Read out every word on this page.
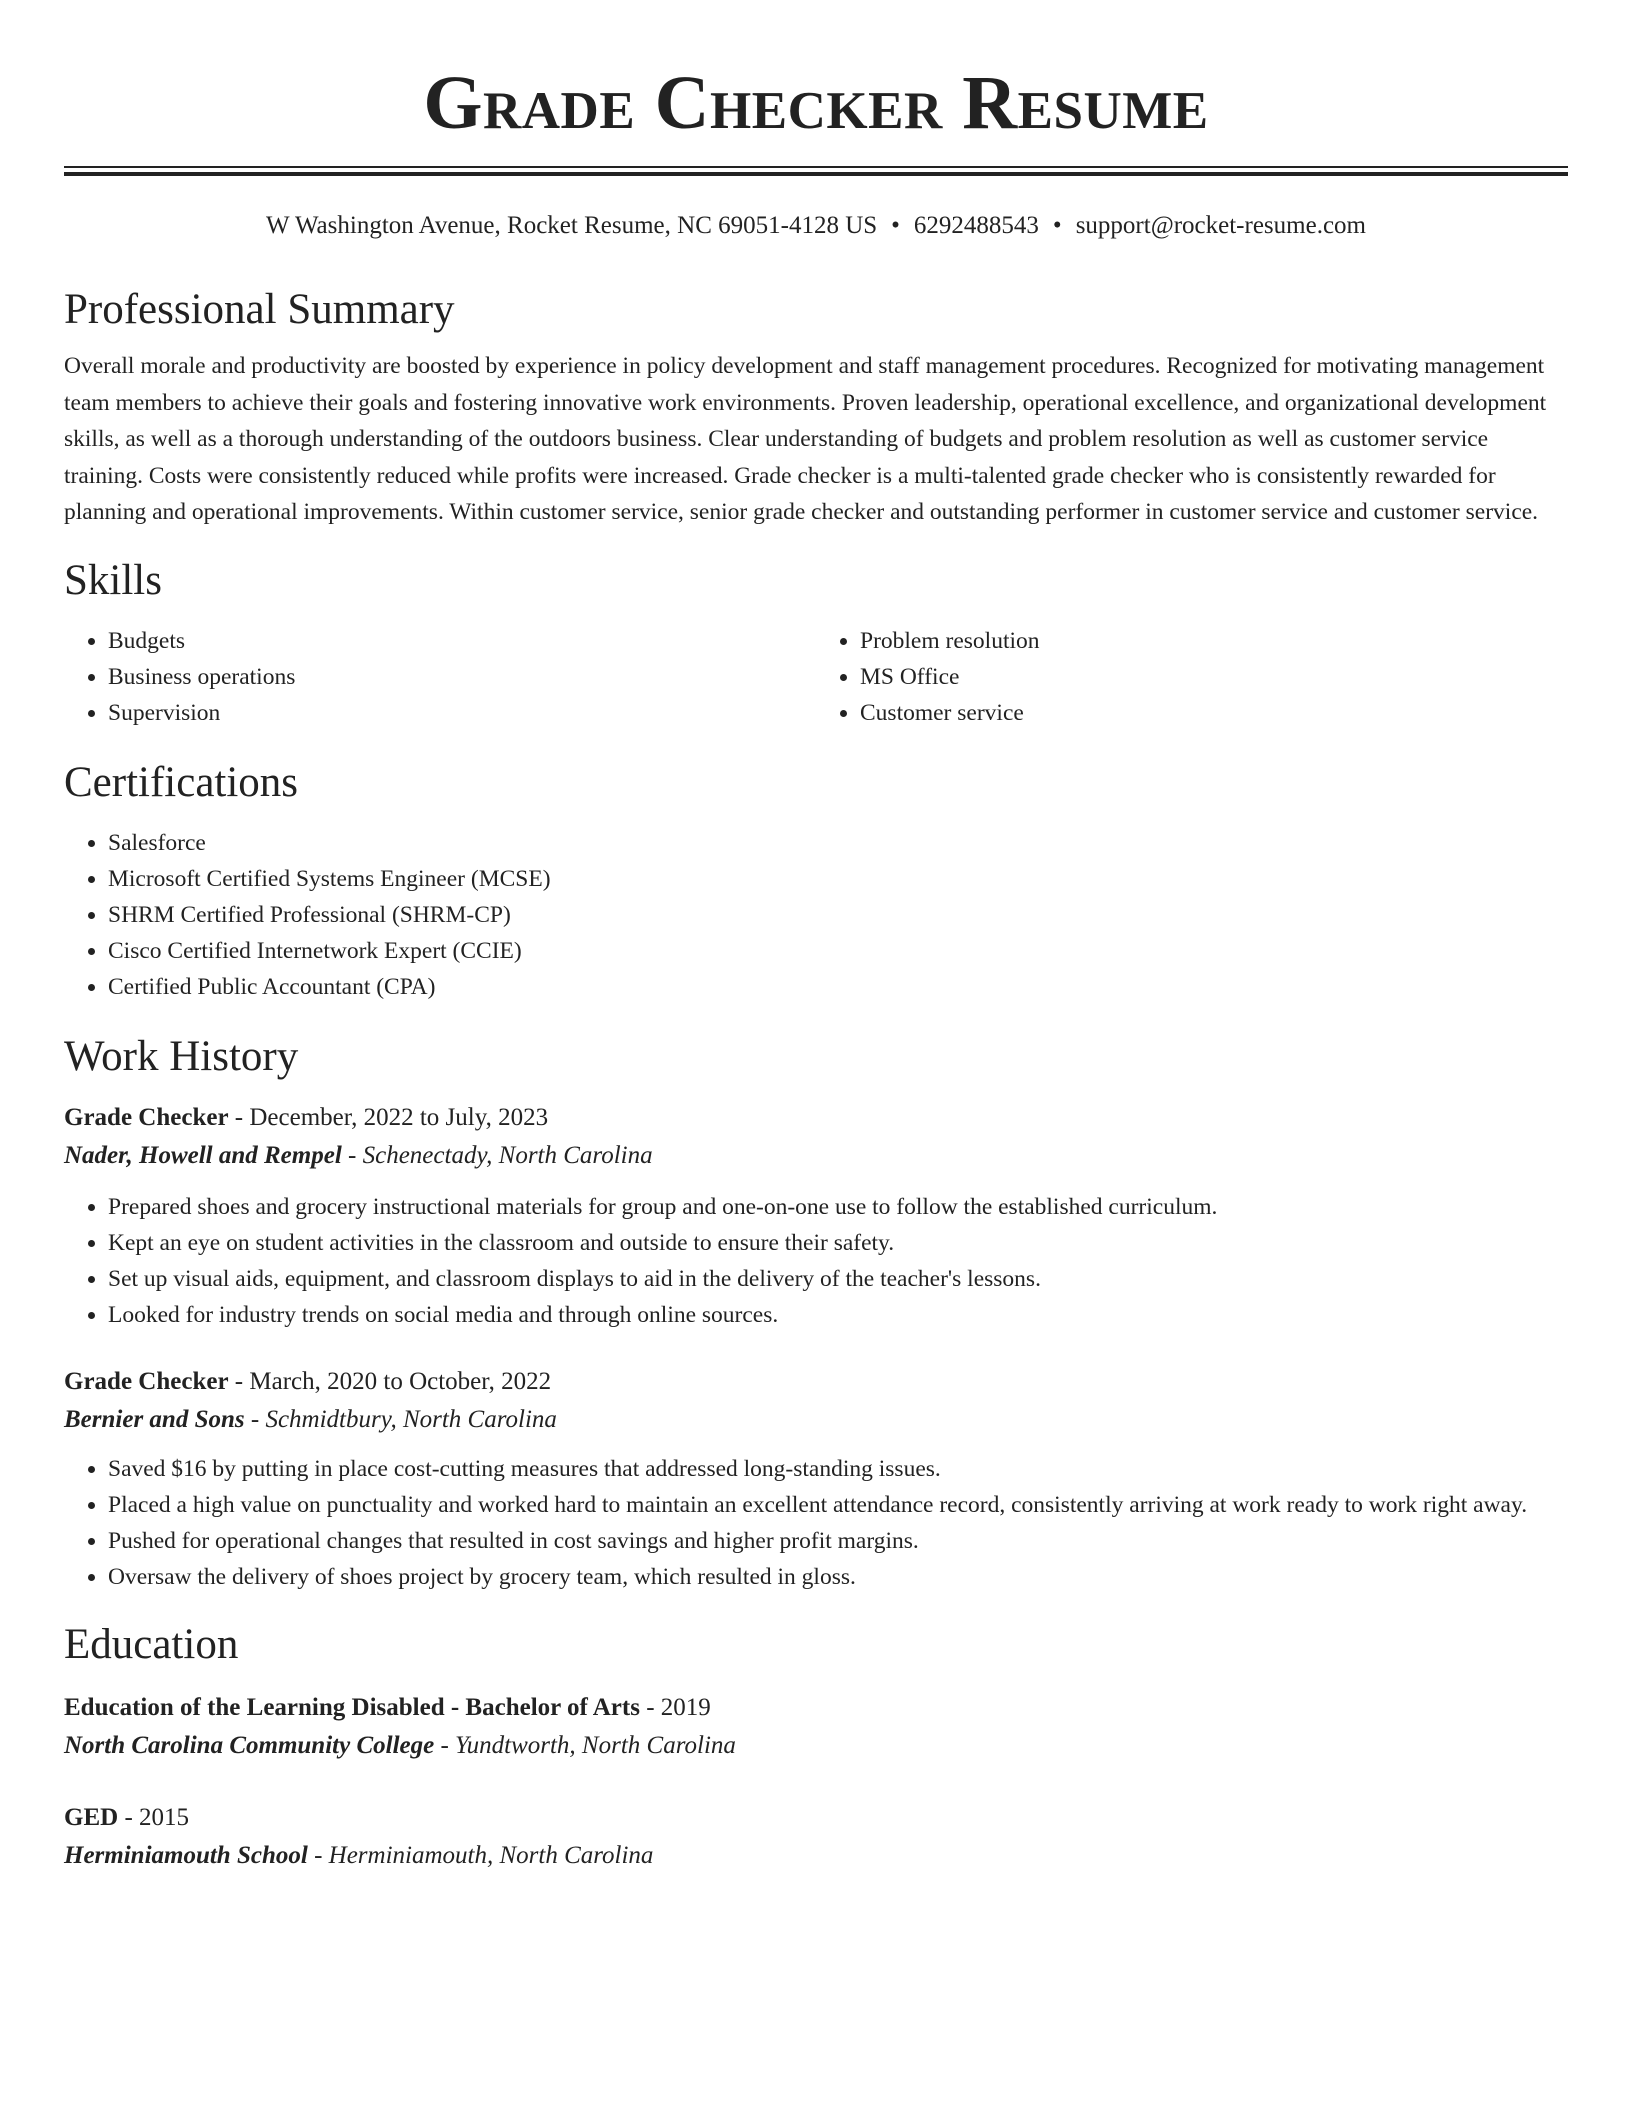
Grade Checker Resume
W Washington Avenue, Rocket Resume, NC 69051-4128 US • 6292488543 • support@rocket-resume.com
Professional Summary

Overall morale and productivity are boosted by experience in policy development and staff management procedures. Recognized for motivating management team members to achieve their goals and fostering innovative work environments. Proven leadership, operational excellence, and organizational development skills, as well as a thorough understanding of the outdoors business. Clear understanding of budgets and problem resolution as well as customer service training. Costs were consistently reduced while profits were increased. Grade checker is a multi-talented grade checker who is consistently rewarded for planning and operational improvements. Within customer service, senior grade checker and outstanding performer in customer service and customer service.

Skills
• Budgets
• Business operations
• Supervision
• Problem resolution
• MS Office
• Customer service
Certifications
• Salesforce
• Microsoft Certified Systems Engineer (MCSE)
• SHRM Certified Professional (SHRM-CP)
• Cisco Certified Internetwork Expert (CCIE)
• Certified Public Accountant (CPA)
Work History
Grade Checker - December, 2022 to July, 2023
Nader, Howell and Rempel - Schenectady, North Carolina
• Prepared shoes and grocery instructional materials for group and one-on-one use to follow the established curriculum.
• Kept an eye on student activities in the classroom and outside to ensure their safety.
• Set up visual aids, equipment, and classroom displays to aid in the delivery of the teacher's lessons.
• Looked for industry trends on social media and through online sources.
Grade Checker - March, 2020 to October, 2022
Bernier and Sons - Schmidtbury, North Carolina
• Saved $16 by putting in place cost-cutting measures that addressed long-standing issues.
• Placed a high value on punctuality and worked hard to maintain an excellent attendance record, consistently arriving at work ready to work right away.
• Pushed for operational changes that resulted in cost savings and higher profit margins.
• Oversaw the delivery of shoes project by grocery team, which resulted in gloss.
Education
Education of the Learning Disabled - Bachelor of Arts - 2019
North Carolina Community College - Yundtworth, North Carolina
GED - 2015
Herminiamouth School - Herminiamouth, North Carolina
